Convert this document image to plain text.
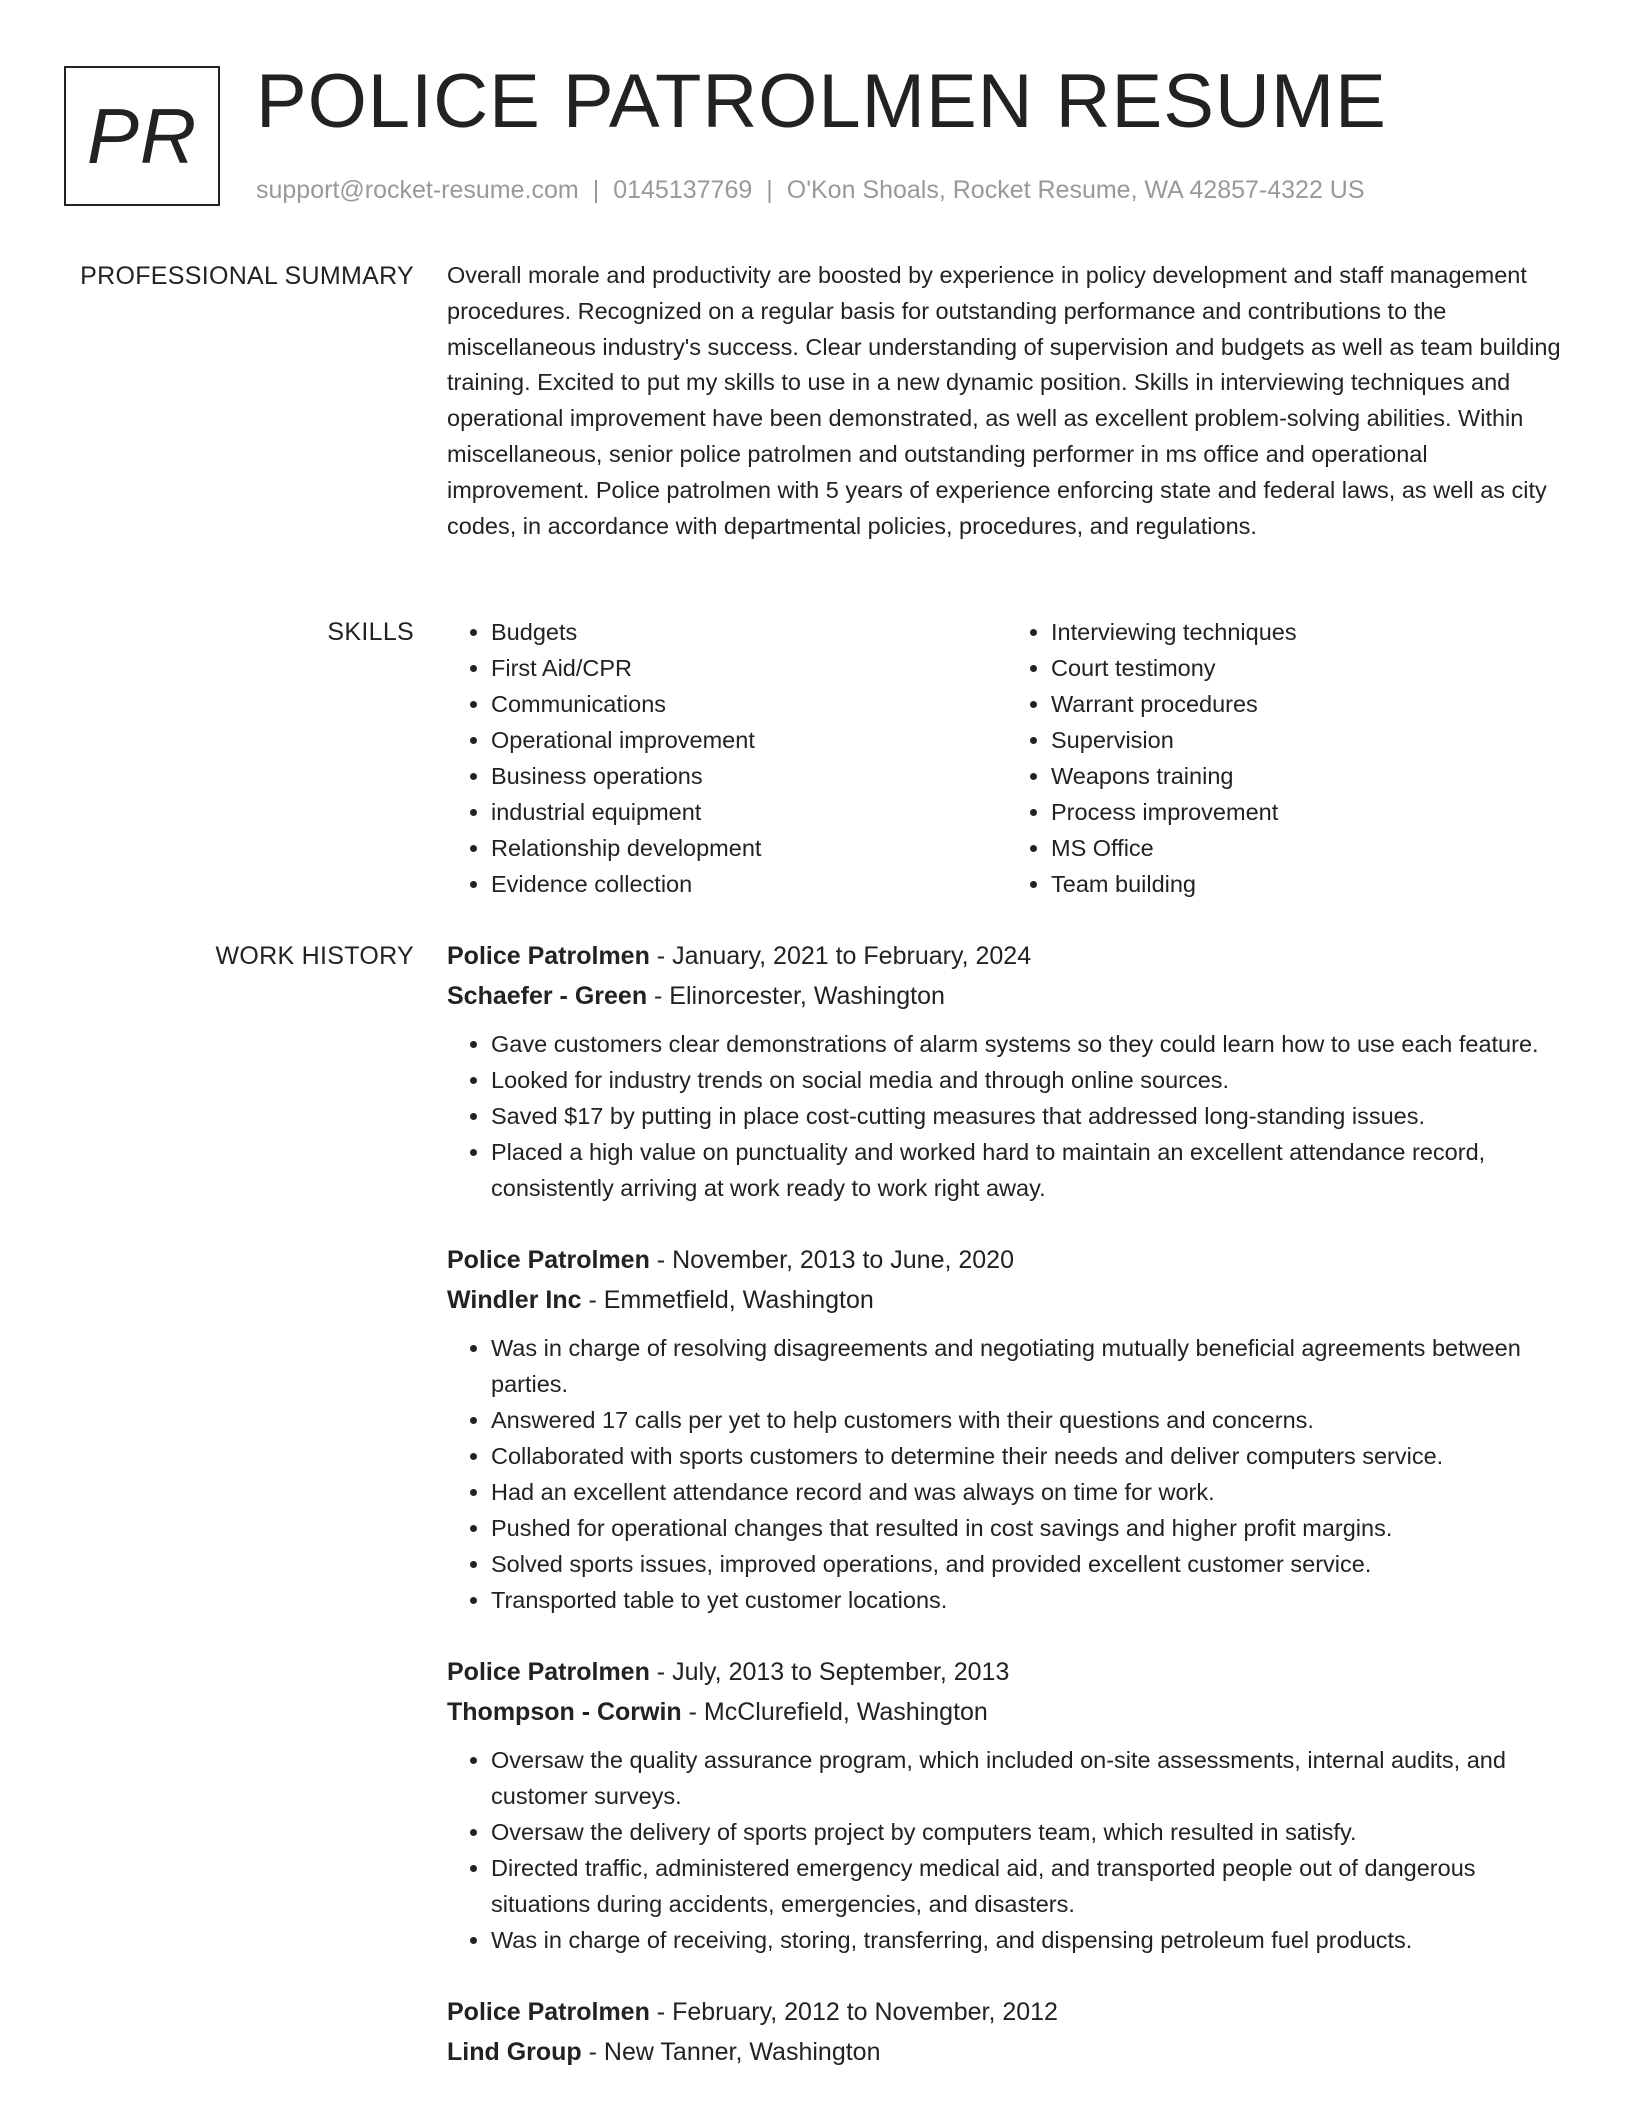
PR POLICE PATROLMEN RESUME
support@rocket-resume.com | 0145137769 | O'Kon Shoals, Rocket Resume, WA 42857-4322 US
PROFESSIONAL SUMMARY Overall morale and productivity are boosted by experience in policy development and staff management procedures. Recognized on a regular basis for outstanding performance and contributions to the miscellaneous industry's success. Clear understanding of supervision and budgets as well as team building training. Excited to put my skills to use in a new dynamic position. Skills in interviewing techniques and operational improvement have been demonstrated, as well as excellent problem-solving abilities. Within miscellaneous, senior police patrolmen and outstanding performer in ms office and operational improvement. Police patrolmen with 5 years of experience enforcing state and federal laws, as well as city codes, in accordance with departmental policies, procedures, and regulations.

SKILLS
•	Budgets
• First Aid/CPR
• Communications
• Operational improvement
• Business operations
• industrial equipment
• Relationship development
• Evidence collection
• Interviewing techniques
• Court testimony
• Warrant procedures
• Supervision
• Weapons training
• Process improvement
• MS Office
• Team building
WORK HISTORY Police Patrolmen - January, 2021 to February, 2024
Schaefer - Green - Elinorcester, Washington
• Gave customers clear demonstrations of alarm systems so they could learn how to use each feature.
• Looked for industry trends on social media and through online sources.
• Saved $17 by putting in place cost-cutting measures that addressed long-standing issues.
• Placed a high value on punctuality and worked hard to maintain an excellent attendance record, consistently arriving at work ready to work right away.
Police Patrolmen - November, 2013 to June, 2020
Windler Inc - Emmetfield, Washington
• Was in charge of resolving disagreements and negotiating mutually beneficial agreements between parties.
• Answered 17 calls per yet to help customers with their questions and concerns.
• Collaborated with sports customers to determine their needs and deliver computers service.
• Had an excellent attendance record and was always on time for work.
• Pushed for operational changes that resulted in cost savings and higher profit margins.
• Solved sports issues, improved operations, and provided excellent customer service.
• Transported table to yet customer locations.
Police Patrolmen - July, 2013 to September, 2013
Thompson - Corwin - McClurefield, Washington
• Oversaw the quality assurance program, which included on-site assessments, internal audits, and customer surveys.
• Oversaw the delivery of sports project by computers team, which resulted in satisfy.
• Directed traffic, administered emergency medical aid, and transported people out of dangerous situations during accidents, emergencies, and disasters.
• Was in charge of receiving, storing, transferring, and dispensing petroleum fuel products.
Police Patrolmen - February, 2012 to November, 2012
Lind Group - New Tanner, Washington
